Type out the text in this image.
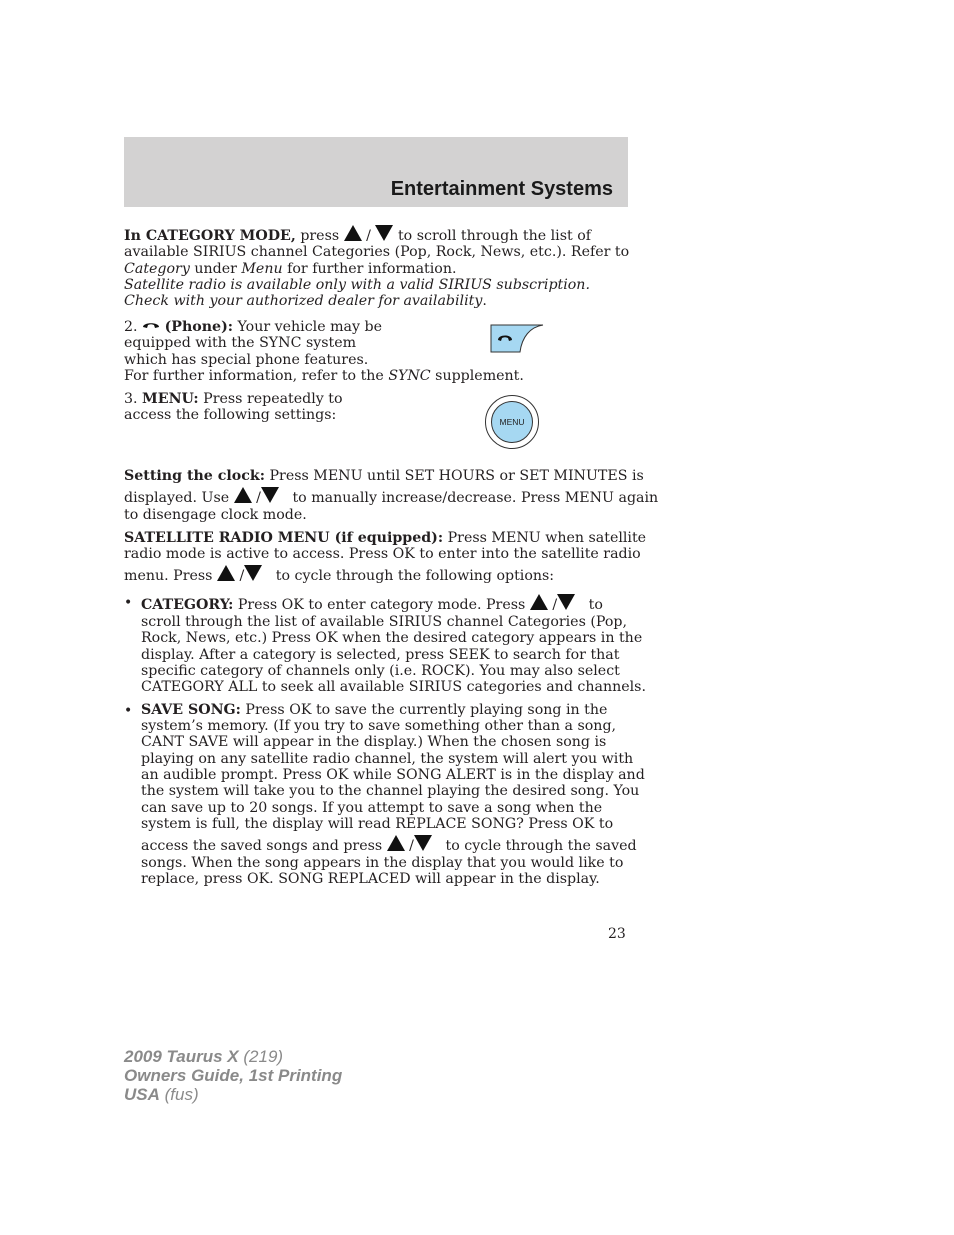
Entertainment Systems

In CATEGORY MODE, press  /  to scroll through the list of

available SIRIUS channel Categories (Pop, Rock, News, etc.). Refer to

Category under Menu for further information.

Satellite radio is available only with a valid SIRIUS subscription.

Check with your authorized dealer for availability.

2.  (Phone): Your vehicle may be

equipped with the SYNC system

which has special phone features.

For further information, refer to the SYNC supplement.

3. MENU: Press repeatedly to

access the following settings:	MENU

Setting the clock: Press MENU until SET HOURS or SET MINUTES is

displayed. Use  /   to manually increase/decrease. Press MENU again

to disengage clock mode.

SATELLITE RADIO MENU (if equipped): Press MENU when satellite

radio mode is active to access. Press OK to enter into the satellite radio

menu. Press  /   to cycle through the following options:

• CATEGORY: Press OK to enter category mode. Press  /   to

scroll through the list of available SIRIUS channel Categories (Pop,

Rock, News, etc.) Press OK when the desired category appears in the

display. After a category is selected, press SEEK to search for that

specific category of channels only (i.e. ROCK). You may also select

CATEGORY ALL to seek all available SIRIUS categories and channels.

• SAVE SONG: Press OK to save the currently playing song in the

system’s memory. (If you try to save something other than a song,

CANT SAVE will appear in the display.) When the chosen song is

playing on any satellite radio channel, the system will alert you with

an audible prompt. Press OK while SONG ALERT is in the display and

the system will take you to the channel playing the desired song. You

can save up to 20 songs. If you attempt to save a song when the

system is full, the display will read REPLACE SONG? Press OK to

access the saved songs and press  /   to cycle through the saved

songs. When the song appears in the display that you would like to

replace, press OK. SONG REPLACED will appear in the display.

23

2009 Taurus X (219)
Owners Guide, 1st Printing
USA (fus)
